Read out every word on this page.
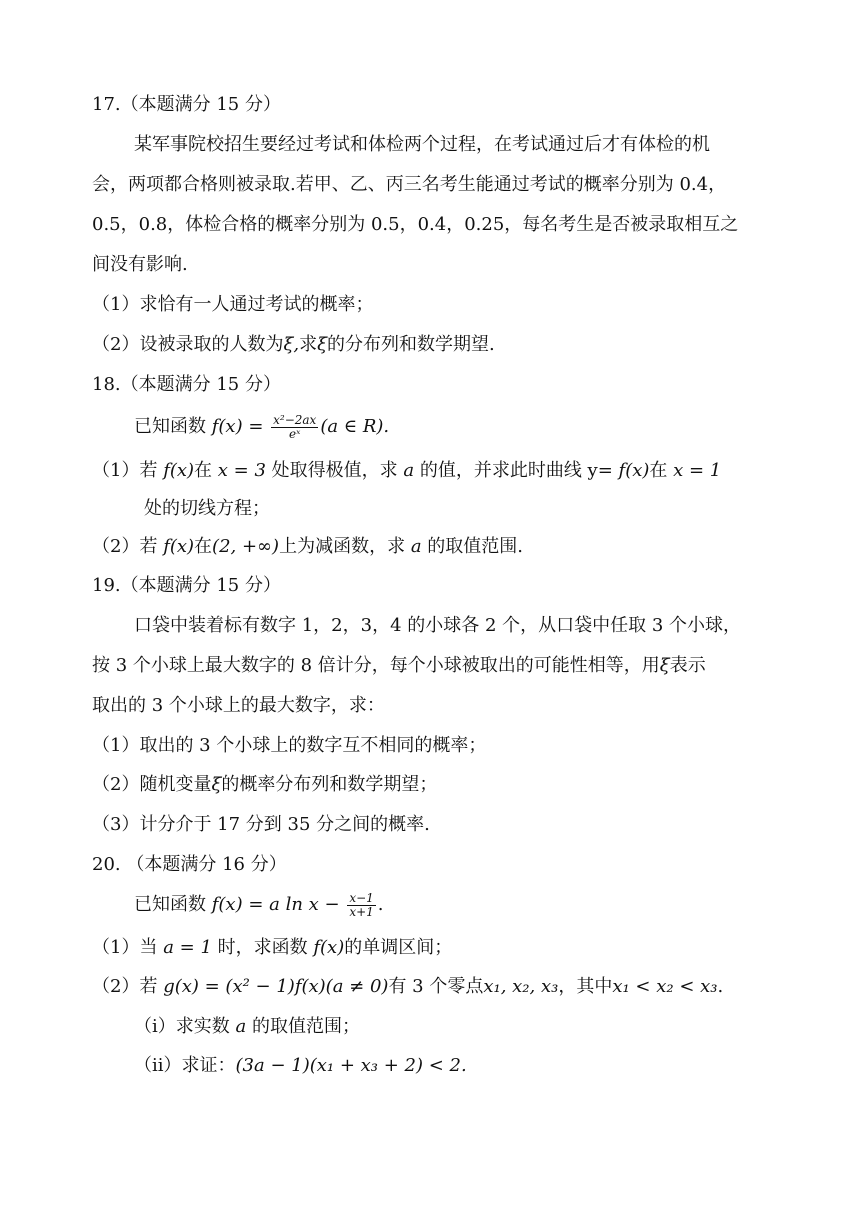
17.（本题满分 15 分）
某军事院校招生要经过考试和体检两个过程，在考试通过后才有体检的机
会，两项都合格则被录取.若甲、乙、丙三名考生能通过考试的概率分别为 0.4，
0.5，0.8，体检合格的概率分别为 0.5，0.4，0.25，每名考生是否被录取相互之
间没有影响.
（1）求恰有一人通过考试的概率；
（2）设被录取的人数为ξ,求ξ的分布列和数学期望.
18.（本题满分 15 分）
已知函数 $f(x) = \frac{\text{x²−2ax}}{\text{eˣ}} (a$ ∈ R).
（1）若 f(x)在 x = 3 处取得极值，求 a 的值，并求此时曲线 y= f(x)在 x = 1
处的切线方程；
（2）若 f(x)在(2, +∞)上为减函数，求 a 的取值范围.
19.（本题满分 15 分）
口袋中装着标有数字 1，2，3，4 的小球各 2 个，从口袋中任取 3 个小球，
按 3 个小球上最大数字的 8 倍计分，每个小球被取出的可能性相等，用ξ表示
取出的 3 个小球上的最大数字，求：
（1）取出的 3 个小球上的数字互不相同的概率；
（2）随机变量ξ的概率分布列和数学期望；
（3）计分介于 17 分到 35 分之间的概率.
20. （本题满分 16 分）
已知函数 f(x) = a $\ln x - \frac{x-1}{x+1}$ .
（1）当 a = 1 时，求函数 f(x)的单调区间；
（2）若 g(x) = (x² − 1)f(x)(a ≠ 0)有 3 个零点x₁, x₂, x₃，其中x₁ < x₂ < x₃.
（ⅰ）求实数 a 的取值范围；
（ⅱ）求证：(3a − 1)(x₁ + x₃ + 2) < 2.
